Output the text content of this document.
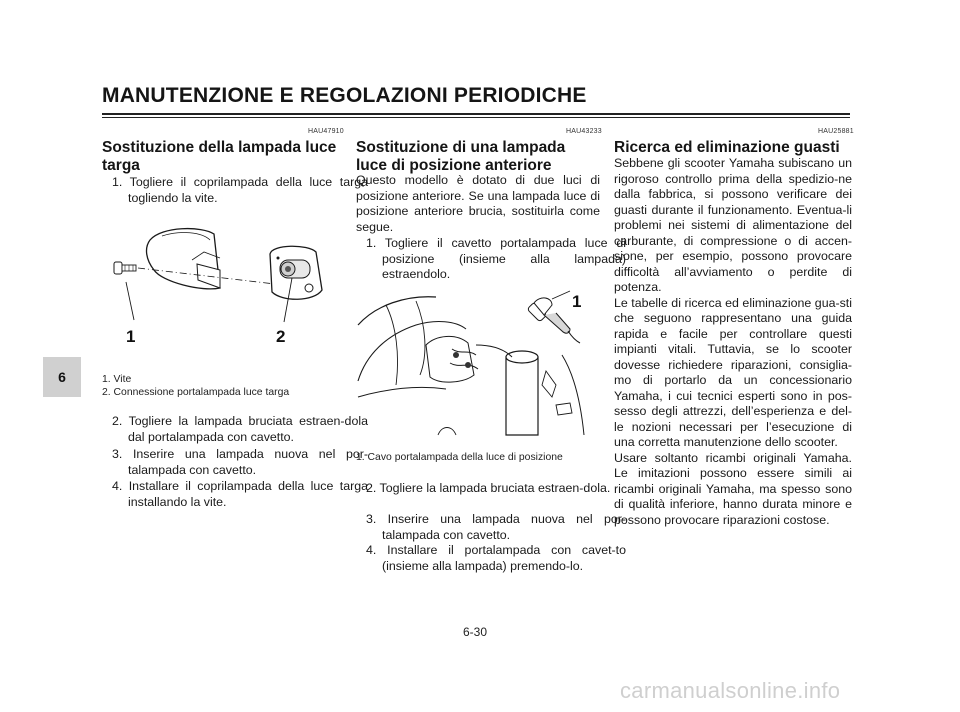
MANUTENZIONE E REGOLAZIONI PERIODICHE
6
HAU47910
Sostituzione della lampada luce
targa
1. Togliere il coprilampada della luce targa togliendo la vite.
1	2
1. Vite
2. Connessione portalampada luce targa
2. Togliere la lampada bruciata estraen-dola dal portalampada con cavetto.
3. Inserire una lampada nuova nel por-talampada con cavetto.
4. Installare il coprilampada della luce targa installando la vite.
HAU43233
Sostituzione di una lampada
luce di posizione anteriore
Questo modello è dotato di due luci di posizione anteriore. Se una lampada luce di posizione anteriore brucia, sostituirla come segue.
1. Togliere il cavetto portalampada luce di posizione (insieme alla lampada) estraendolo.
1
1. Cavo portalampada della luce di posizione
2. Togliere la lampada bruciata estraen-dola.
3. Inserire una lampada nuova nel por-talampada con cavetto.
4. Installare il portalampada con cavet-to (insieme alla lampada) premendo-lo.
HAU25881
Ricerca ed eliminazione guasti

Sebbene gli scooter Yamaha subiscano un rigoroso controllo prima della spedizio-ne dalla fabbrica, si possono verificare dei guasti durante il funzionamento. Eventua-li problemi nei sistemi di alimentazione del carburante, di compressione o di accen-sione, per esempio, possono provocare difficoltà all’avviamento o perdite di potenza.

Le tabelle di ricerca ed eliminazione gua-sti che seguono rappresentano una guida rapida e facile per controllare questi impianti vitali. Tuttavia, se lo scooter dovesse richiedere riparazioni, consiglia-mo di portarlo da un concessionario Yamaha, i cui tecnici esperti sono in pos-sesso degli attrezzi, dell’esperienza e del-le nozioni necessari per l’esecuzione di una corretta manutenzione dello scooter.

Usare soltanto ricambi originali Yamaha. Le imitazioni possono essere simili ai ricambi originali Yamaha, ma spesso sono di qualità inferiore, hanno durata minore e possono provocare riparazioni costose.

6-30
carmanualsonline.info
